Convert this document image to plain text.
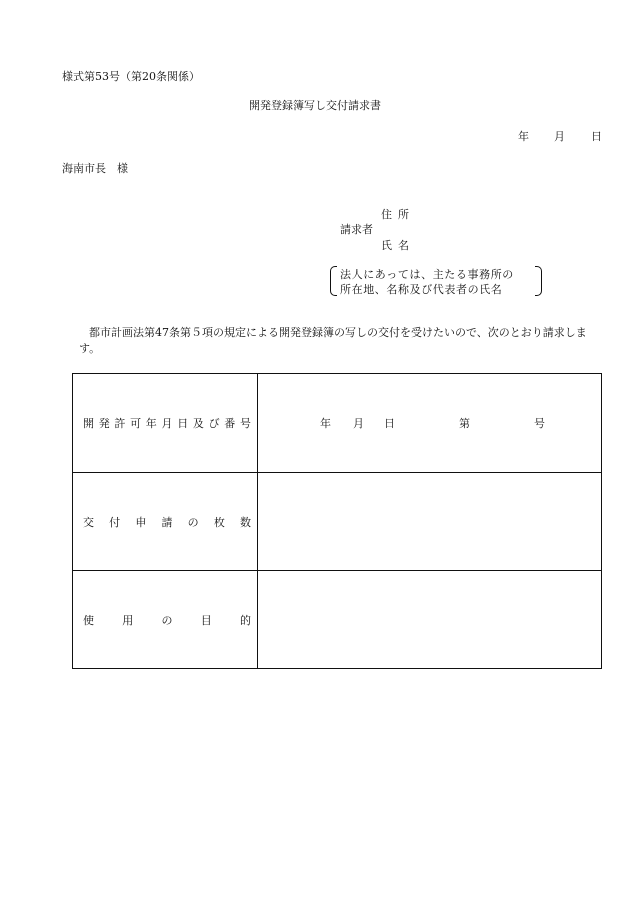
様式第53号（第20条関係）
開発登録簿写し交付請求書
年 月 日
海南市長　様
住所
請求者
氏名
法人にあっては、主たる事務所の
所在地、名称及び代表者の氏名
都市計画法第47条第５項の規定による開発登録簿の写しの交付を受けたいので、次のとおり請求します。
開発許可年月日及び番号	年 月 日	第	号
交付申請の枚数
使用の目的
